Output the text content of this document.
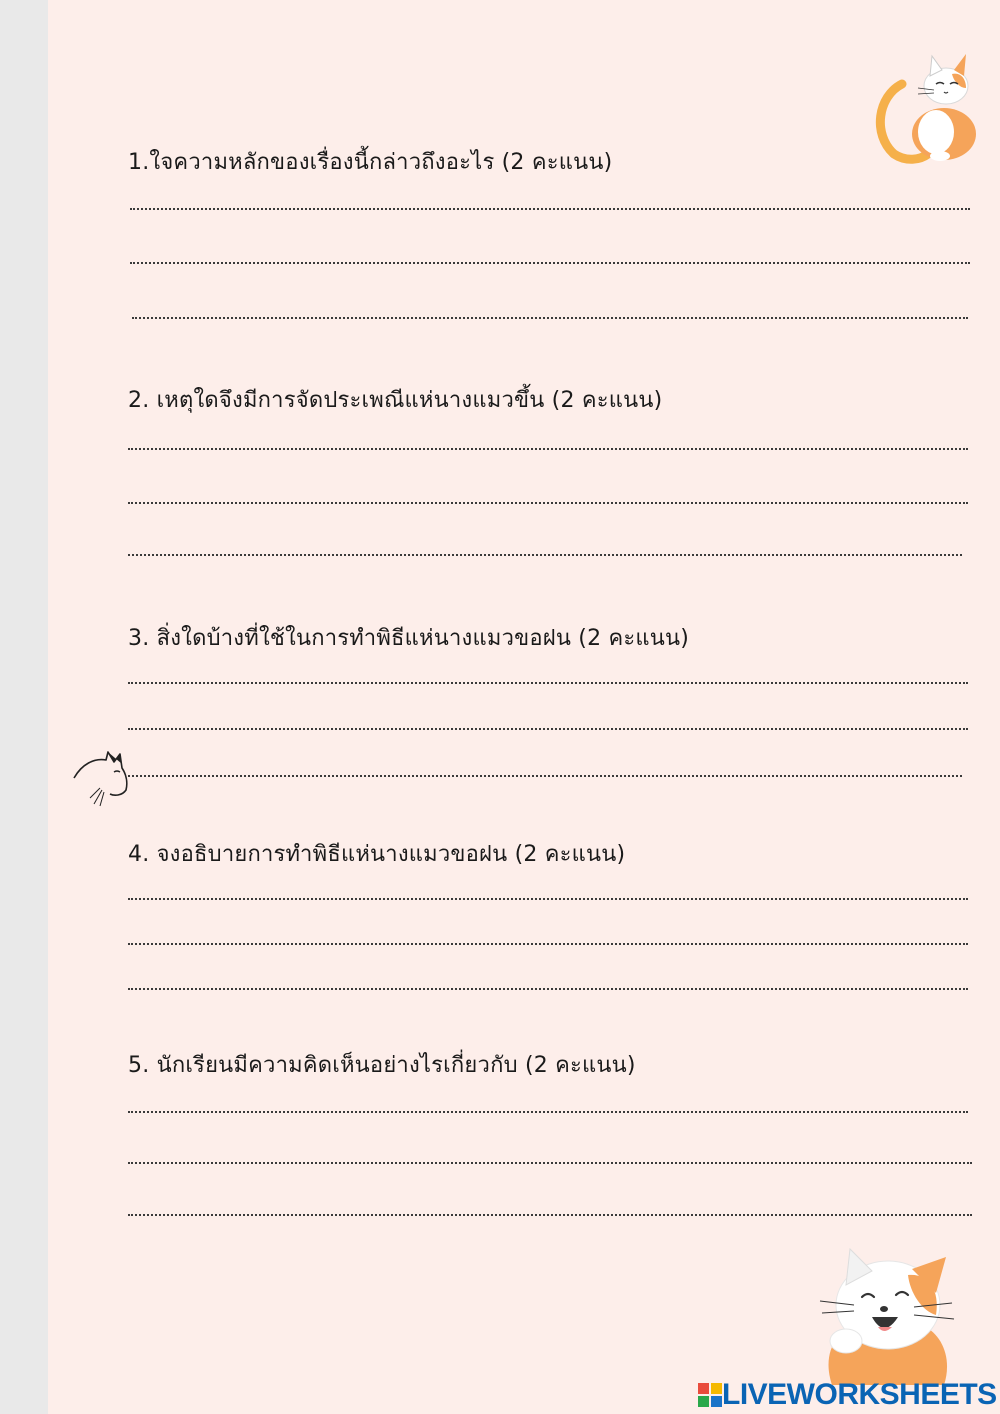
1.ใจความหลักของเรื่องนี้กล่าวถึงอะไร (2 คะแนน)
2. เหตุใดจึงมีการจัดประเพณีแห่นางแมวขึ้น (2 คะแนน)
3. สิ่งใดบ้างที่ใช้ในการทำพิธีแห่นางแมวขอฝน (2 คะแนน)
4. จงอธิบายการทำพิธีแห่นางแมวขอฝน (2 คะแนน)
5. นักเรียนมีความคิดเห็นอย่างไรเกี่ยวกับ (2 คะแนน)
LIVEWORKSHEETS
